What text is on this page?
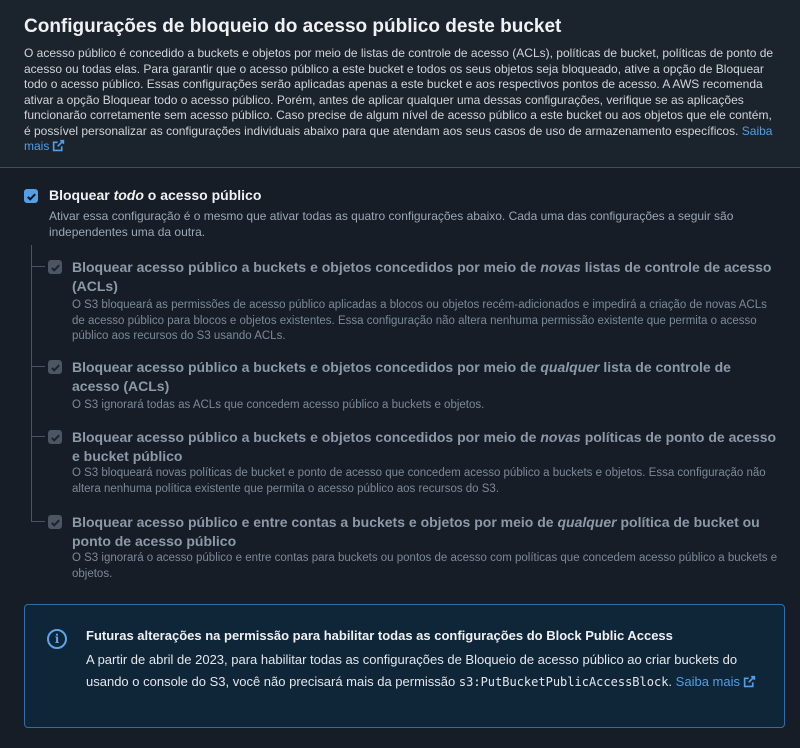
Configurações de bloqueio do acesso público deste bucket
O acesso público é concedido a buckets e objetos por meio de listas de controle de acesso (ACLs), políticas de bucket, políticas de ponto de acesso ou todas elas. Para garantir que o acesso público a este bucket e todos os seus objetos seja bloqueado, ative a opção de Bloquear todo o acesso público. Essas configurações serão aplicadas apenas a este bucket e aos respectivos pontos de acesso. A AWS recomenda ativar a opção Bloquear todo o acesso público. Porém, antes de aplicar qualquer uma dessas configurações, verifique se as aplicações funcionarão corretamente sem acesso público. Caso precise de algum nível de acesso público a este bucket ou aos objetos que ele contém, é possível personalizar as configurações individuais abaixo para que atendam aos seus casos de uso de armazenamento específicos. Saiba mais
Bloquear todo o acesso público
Ativar essa configuração é o mesmo que ativar todas as quatro configurações abaixo. Cada uma das configurações a seguir são independentes uma da outra.
Bloquear acesso público a buckets e objetos concedidos por meio de novas listas de controle de acesso (ACLs)
O S3 bloqueará as permissões de acesso público aplicadas a blocos ou objetos recém-adicionados e impedirá a criação de novas ACLs de acesso público para blocos e objetos existentes. Essa configuração não altera nenhuma permissão existente que permita o acesso público aos recursos do S3 usando ACLs.
Bloquear acesso público a buckets e objetos concedidos por meio de qualquer lista de controle de acesso (ACLs)
O S3 ignorará todas as ACLs que concedem acesso público a buckets e objetos.
Bloquear acesso público a buckets e objetos concedidos por meio de novas políticas de ponto de acesso e bucket público
O S3 bloqueará novas políticas de bucket e ponto de acesso que concedem acesso público a buckets e objetos. Essa configuração não altera nenhuma política existente que permita o acesso público aos recursos do S3.
Bloquear acesso público e entre contas a buckets e objetos por meio de qualquer política de bucket ou ponto de acesso público
O S3 ignorará o acesso público e entre contas para buckets ou pontos de acesso com políticas que concedem acesso público a buckets e objetos.
i Futuras alterações na permissão para habilitar todas as configurações do Block Public Access
A partir de abril de 2023, para habilitar todas as configurações de Bloqueio de acesso público ao criar buckets do usando o console do S3, você não precisará mais da permissão s3:PutBucketPublicAccessBlock. Saiba mais
